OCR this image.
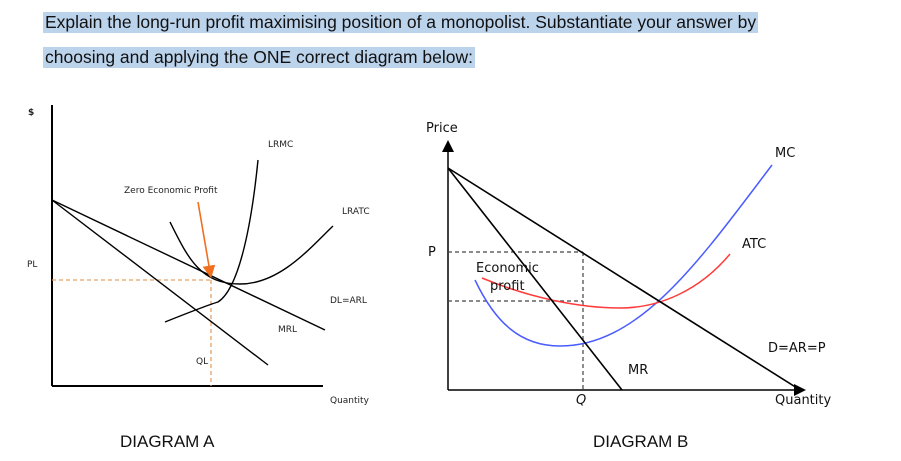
Explain the long-run profit maximising position of a monopolist. Substantiate your answer by
choosing and applying the ONE correct diagram below:
$
Quantity
PL
QL
Zero Economic Profit
LRMC
LRATC
DL=ARL
MRL
Price
Quantity
P
Q
Economic
profit
MC
ATC
D=AR=P
MR
DIAGRAM A	DIAGRAM B
